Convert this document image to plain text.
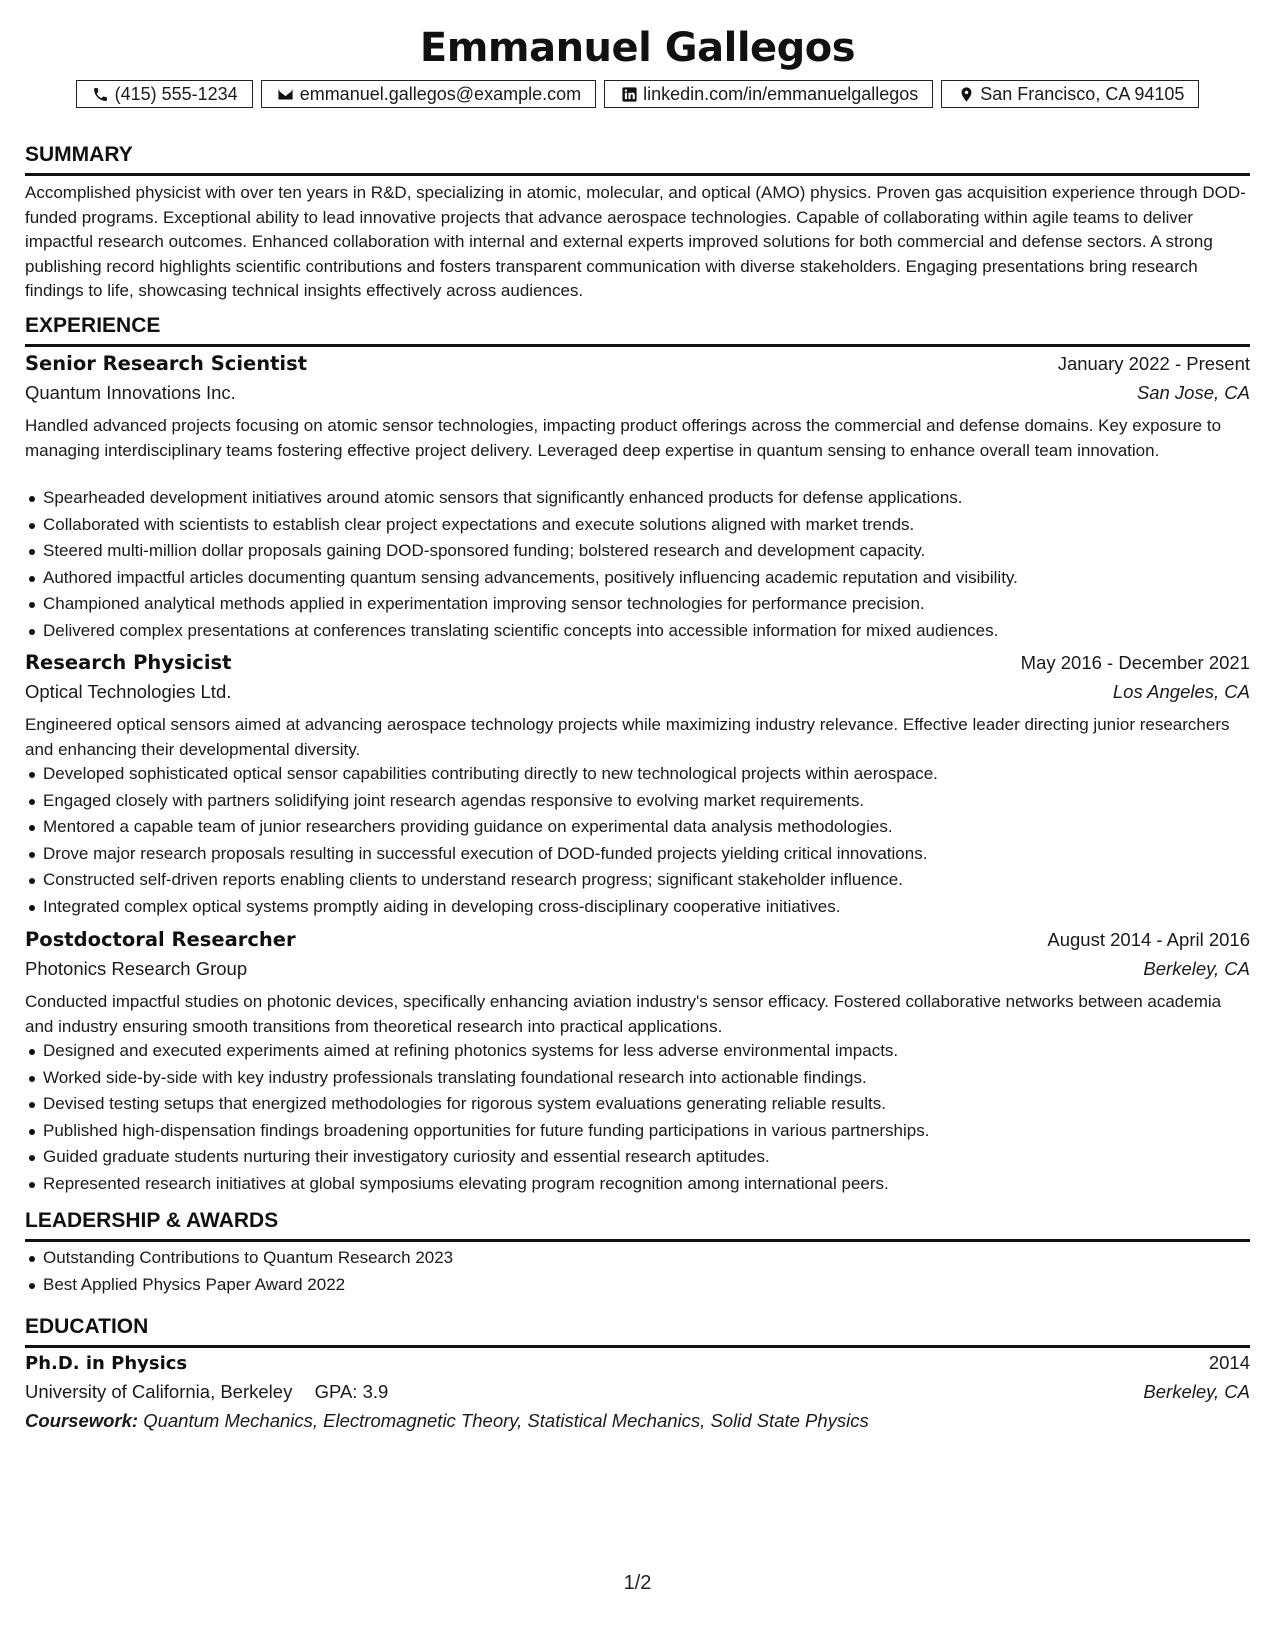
Emmanuel Gallegos
(415) 555-1234	emmanuel.gallegos@example.com	linkedin.com/in/emmanuelgallegos	San Francisco, CA 94105
SUMMARY

Accomplished physicist with over ten years in R&D, specializing in atomic, molecular, and optical (AMO) physics. Proven gas acquisition experience through DOD-funded programs. Exceptional ability to lead innovative projects that advance aerospace technologies. Capable of collaborating within agile teams to deliver impactful research outcomes. Enhanced collaboration with internal and external experts improved solutions for both commercial and defense sectors. A strong publishing record highlights scientific contributions and fosters transparent communication with diverse stakeholders. Engaging presentations bring research findings to life, showcasing technical insights effectively across audiences.

EXPERIENCE
Senior Research Scientist	January 2022 - Present
Quantum Innovations Inc.	San Jose, CA

Handled advanced projects focusing on atomic sensor technologies, impacting product offerings across the commercial and defense domains. Key exposure to managing interdisciplinary teams fostering effective project delivery. Leveraged deep expertise in quantum sensing to enhance overall team innovation.

Spearheaded development initiatives around atomic sensors that significantly enhanced products for defense applications.
Collaborated with scientists to establish clear project expectations and execute solutions aligned with market trends.
Steered multi-million dollar proposals gaining DOD-sponsored funding; bolstered research and development capacity.
Authored impactful articles documenting quantum sensing advancements, positively influencing academic reputation and visibility.
Championed analytical methods applied in experimentation improving sensor technologies for performance precision.
Delivered complex presentations at conferences translating scientific concepts into accessible information for mixed audiences.
Research Physicist	May 2016 - December 2021
Optical Technologies Ltd.	Los Angeles, CA

Engineered optical sensors aimed at advancing aerospace technology projects while maximizing industry relevance. Effective leader directing junior researchers and enhancing their developmental diversity.

Developed sophisticated optical sensor capabilities contributing directly to new technological projects within aerospace.
Engaged closely with partners solidifying joint research agendas responsive to evolving market requirements.
Mentored a capable team of junior researchers providing guidance on experimental data analysis methodologies.
Drove major research proposals resulting in successful execution of DOD-funded projects yielding critical innovations.
Constructed self-driven reports enabling clients to understand research progress; significant stakeholder influence.
Integrated complex optical systems promptly aiding in developing cross-disciplinary cooperative initiatives.
Postdoctoral Researcher	August 2014 - April 2016
Photonics Research Group	Berkeley, CA

Conducted impactful studies on photonic devices, specifically enhancing aviation industry's sensor efficacy. Fostered collaborative networks between academia and industry ensuring smooth transitions from theoretical research into practical applications.

Designed and executed experiments aimed at refining photonics systems for less adverse environmental impacts.
Worked side-by-side with key industry professionals translating foundational research into actionable findings.
Devised testing setups that energized methodologies for rigorous system evaluations generating reliable results.
Published high-dispensation findings broadening opportunities for future funding participations in various partnerships.
Guided graduate students nurturing their investigatory curiosity and essential research aptitudes.
Represented research initiatives at global symposiums elevating program recognition among international peers.
LEADERSHIP & AWARDS
Outstanding Contributions to Quantum Research 2023
Best Applied Physics Paper Award 2022
EDUCATION
Ph.D. in Physics	2014
University of California, Berkeley GPA: 3.9	Berkeley, CA
Coursework: Quantum Mechanics, Electromagnetic Theory, Statistical Mechanics, Solid State Physics
1/2
